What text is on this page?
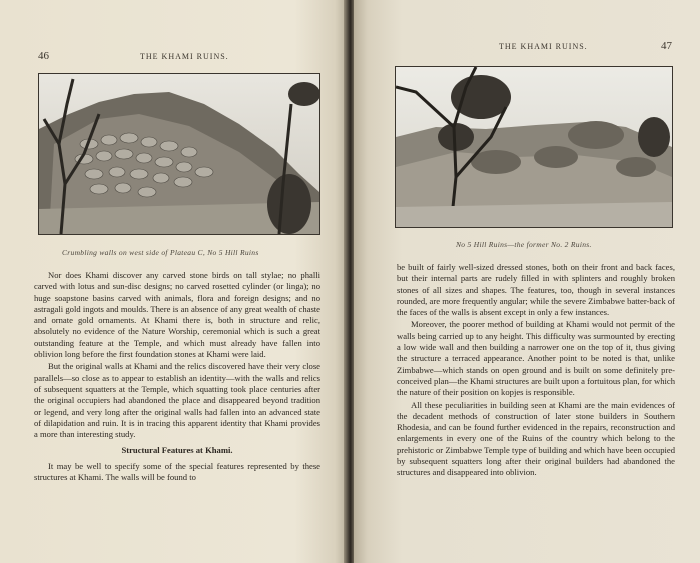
46	THE KHAMI RUINS.
Crumbling walls on west side of Plateau C, No 5 Hill Ruins

Nor does Khami discover any carved stone birds on tall stylae; no phalli carved with lotus and sun-disc designs; no carved rosetted cylinder (or linga); no huge soapstone basins carved with animals, flora and foreign designs; and no astragali gold ingots and moulds. There is an absence of any great wealth of chaste and ornate gold ornaments. At Khami there is, both in structure and relic, absolutely no evidence of the Nature Worship, ceremonial which is such a great outstanding feature at the Temple, and which must already have fallen into oblivion long before the first foundation stones at Khami were laid.

But the original walls at Khami and the relics discovered have their very close parallels—so close as to appear to establish an identity—with the walls and relics of subsequent squatters at the Temple, which squatting took place centuries after the original occupiers had abandoned the place and disappeared beyond tradition or legend, and very long after the original walls had fallen into an advanced state of dilapidation and ruin. It is in tracing this apparent identity that Khami provides a more than interesting study.

Structural Features at Khami.

It may be well to specify some of the special features represented by these structures at Khami. The walls will be found to

THE KHAMI RUINS.	47
No 5 Hill Ruins—the former No. 2 Ruins.

be built of fairly well-sized dressed stones, both on their front and back faces, but their internal parts are rudely filled in with splinters and roughly broken stones of all sizes and shapes. The features, too, though in several instances rounded, are more frequently angular; while the severe Zimbabwe batter-back of the faces of the walls is absent except in only a few instances.

Moreover, the poorer method of building at Khami would not permit of the walls being carried up to any height. This difficulty was surmounted by erecting a low wide wall and then building a narrower one on the top of it, thus giving the structure a terraced appearance. Another point to be noted is that, unlike Zimbabwe—which stands on open ground and is built on some definitely pre-conceived plan—the Khami structures are built upon a fortuitous plan, for which the nature of their position on kopjes is responsible.

All these peculiarities in building seen at Khami are the main evidences of the decadent methods of construction of later stone builders in Southern Rhodesia, and can be found further evidenced in the repairs, reconstruction and enlargements in every one of the Ruins of the country which belong to the prehistoric or Zimbabwe Temple type of building and which have been occupied by subsequent squatters long after their original builders had abandoned the structures and disappeared into oblivion.
